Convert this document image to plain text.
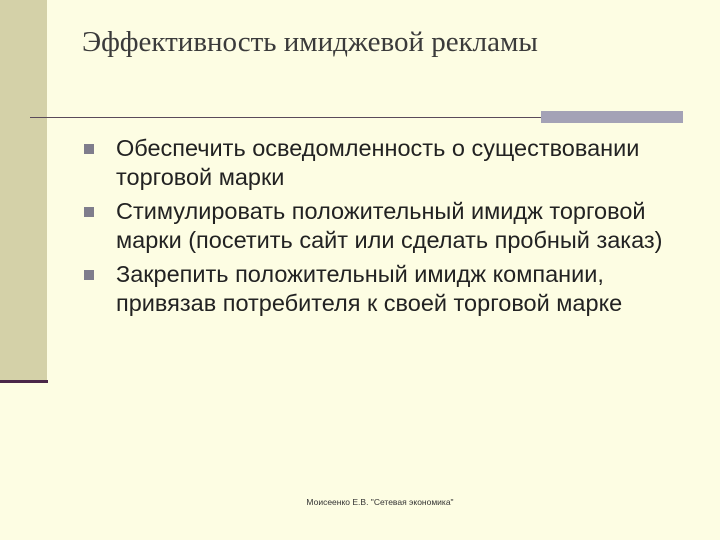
Эффективность имиджевой рекламы
Обеспечить осведомленность о существовании торговой марки
Стимулировать положительный имидж торговой марки (посетить сайт или сделать пробный заказ)
Закрепить положительный имидж компании, привязав потребителя к своей торговой марке
Моисеенко Е.В. "Сетевая экономика"
